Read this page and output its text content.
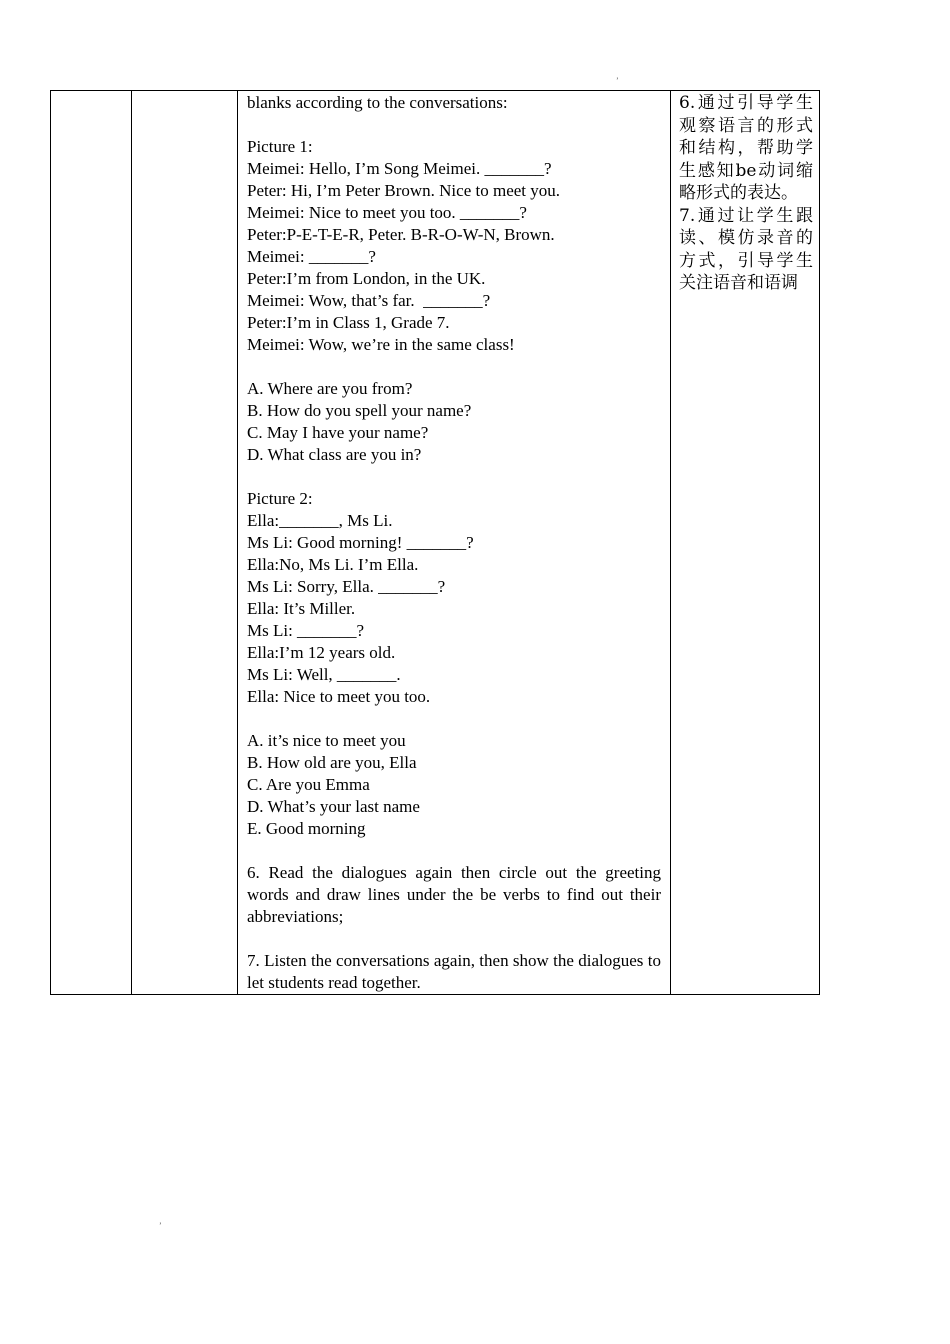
ʼ
blanks according to the conversations:
Picture 1:
Meimei: Hello, I’m Song Meimei. _______?
Peter: Hi, I’m Peter Brown. Nice to meet you.
Meimei: Nice to meet you too. _______?
Peter:P-E-T-E-R, Peter. B-R-O-W-N, Brown.
Meimei: _______?
Peter:I’m from London, in the UK.
Meimei: Wow, that’s far.  _______?
Peter:I’m in Class 1, Grade 7.
Meimei: Wow, we’re in the same class!
A. Where are you from?
B. How do you spell your name?
C. May I have your name?
D. What class are you in?
Picture 2:
Ella:_______, Ms Li.
Ms Li: Good morning! _______?
Ella:No, Ms Li. I’m Ella.
Ms Li: Sorry, Ella. _______?
Ella: It’s Miller.
Ms Li: _______?
Ella:I’m 12 years old.
Ms Li: Well, _______.
Ella: Nice to meet you too.
A. it’s nice to meet you
B. How old are you, Ella
C. Are you Emma
D. What’s your last name
E. Good morning
6. Read the dialogues again then circle out the greeting words and draw lines under the be verbs to find out their abbreviations;
7. Listen the conversations again, then show the dialogues to let students read together.
6.通过引导学生观察语言的形式和结构，帮助学生感知be动词缩略形式的表达。
7.通过让学生跟读、模仿录音的方式，引导学生关注语音和语调
ʼ
